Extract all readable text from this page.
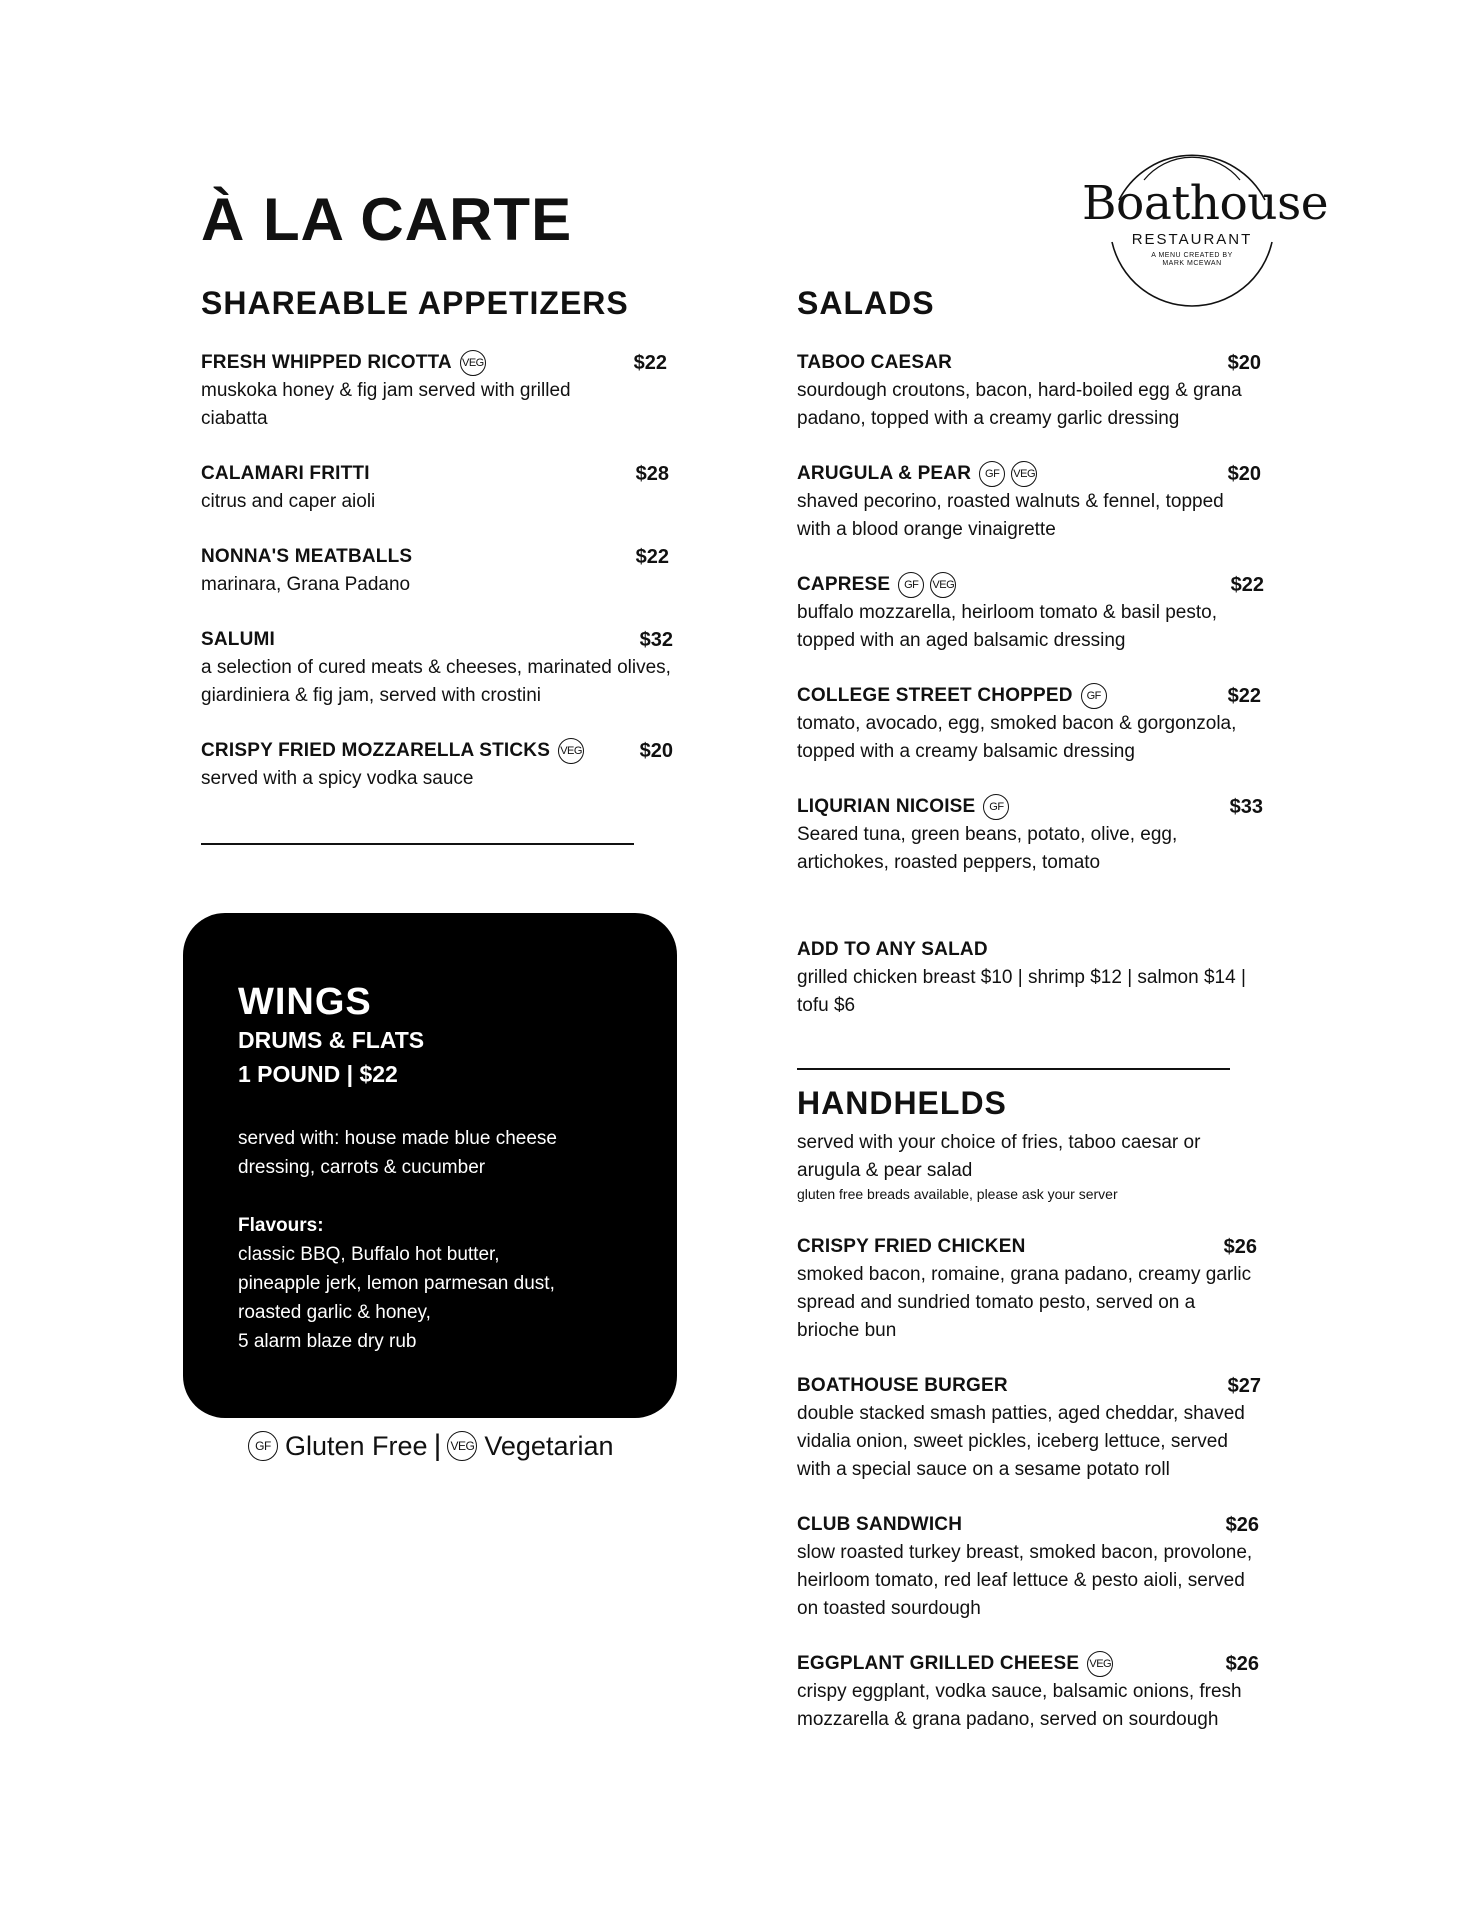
À LA CARTE	Boathouse
RESTAURANT
A MENU CREATED BY
MARK MCEWAN
SHAREABLE APPETIZERS
FRESH WHIPPED RICOTTA VEG	$22
muskoka honey & fig jam served with grilled
ciabatta
CALAMARI FRITTI	$28
citrus and caper aioli
NONNA'S MEATBALLS	$22
marinara, Grana Padano
SALUMI	$32
a selection of cured meats & cheeses, marinated olives,
giardiniera & fig jam, served with crostini
CRISPY FRIED MOZZARELLA STICKS VEG	$20
served with a spicy vodka sauce
WINGS
DRUMS & FLATS
1 POUND | $22
served with: house made blue cheese
dressing, carrots & cucumber
Flavours:
classic BBQ, Buffalo hot butter,
pineapple jerk, lemon parmesan dust,
roasted garlic & honey,
5 alarm blaze dry rub
GF Gluten Free | VEG Vegetarian
SALADS
TABOO CAESAR	$20
sourdough croutons, bacon, hard-boiled egg & grana
padano, topped with a creamy garlic dressing
ARUGULA & PEAR	GF	VEG	$20
shaved pecorino, roasted walnuts & fennel, topped
with a blood orange vinaigrette
CAPRESE	GF	VEG	$22
buffalo mozzarella, heirloom tomato & basil pesto,
topped with an aged balsamic dressing
COLLEGE STREET CHOPPED	GF	$22
tomato, avocado, egg, smoked bacon & gorgonzola,
topped with a creamy balsamic dressing
LIQURIAN NICOISE	GF	$33
Seared tuna, green beans, potato, olive, egg,
artichokes, roasted peppers, tomato
ADD TO ANY SALAD
grilled chicken breast $10 | shrimp $12 | salmon $14 |
tofu $6
HANDHELDS
served with your choice of fries, taboo caesar or
arugula & pear salad
gluten free breads available, please ask your server
CRISPY FRIED CHICKEN	$26
smoked bacon, romaine, grana padano, creamy garlic
spread and sundried tomato pesto, served on a
brioche bun
BOATHOUSE BURGER	$27
double stacked smash patties, aged cheddar, shaved
vidalia onion, sweet pickles, iceberg lettuce, served
with a special sauce on a sesame potato roll
CLUB SANDWICH	$26
slow roasted turkey breast, smoked bacon, provolone,
heirloom tomato, red leaf lettuce & pesto aioli, served
on toasted sourdough
EGGPLANT GRILLED CHEESE VEG	$26
crispy eggplant, vodka sauce, balsamic onions, fresh
mozzarella & grana padano, served on sourdough
